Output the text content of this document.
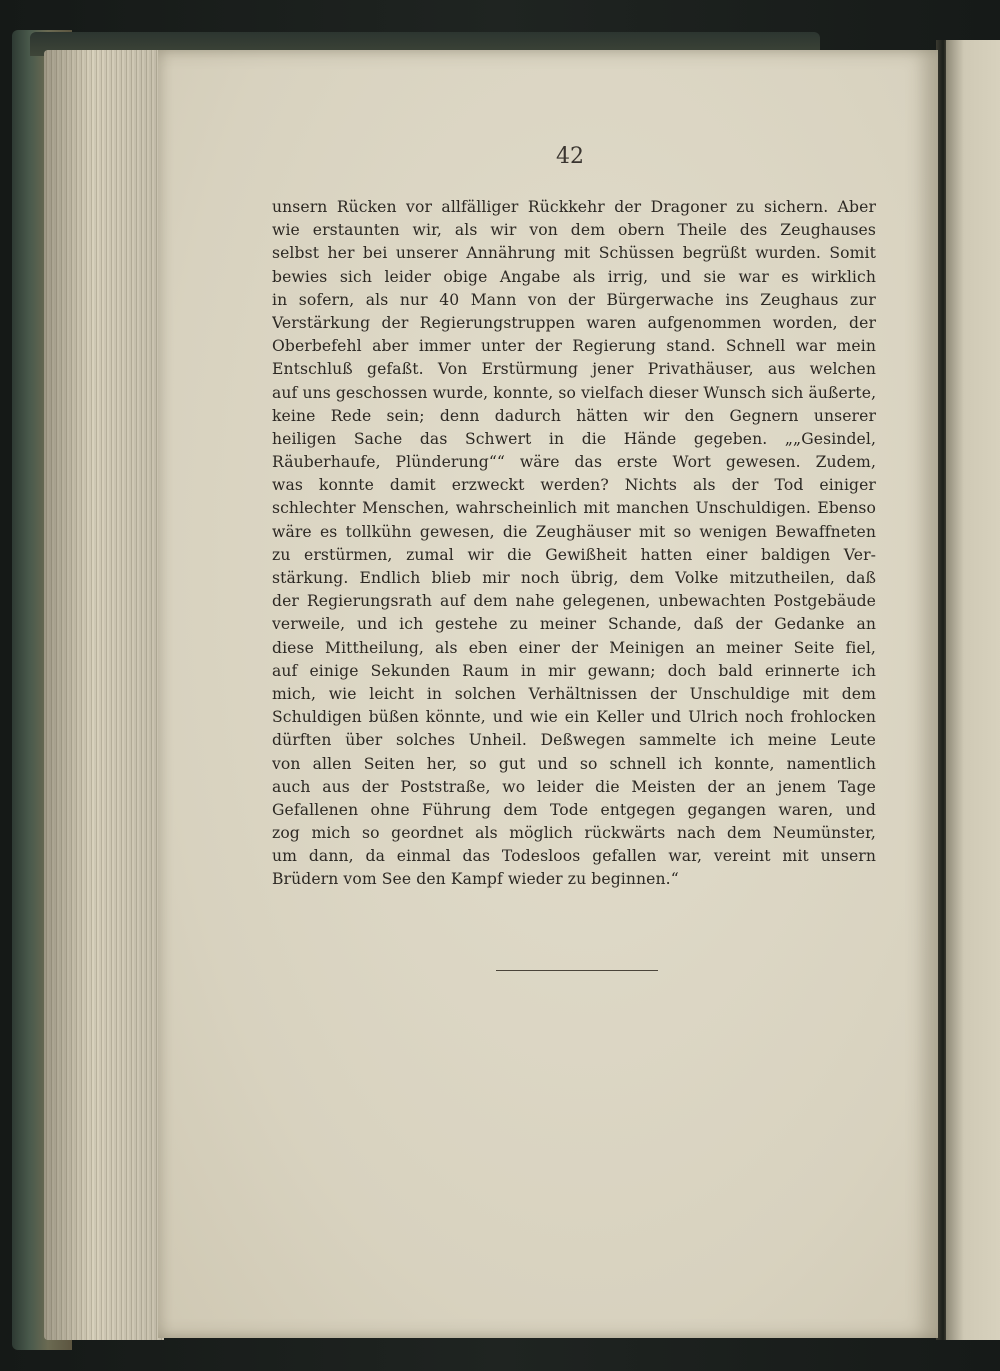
42
unsern Rücken vor allfälliger Rückkehr der Dragoner zu sichern. Aber
wie erstaunten wir, als wir von dem obern Theile des Zeughauses
selbst her bei unserer Annährung mit Schüssen begrüßt wurden. Somit
bewies sich leider obige Angabe als irrig, und sie war es wirklich
in sofern, als nur 40 Mann von der Bürgerwache ins Zeughaus zur
Verstärkung der Regierungstruppen waren aufgenommen worden, der
Oberbefehl aber immer unter der Regierung stand. Schnell war mein
Entschluß gefaßt. Von Erstürmung jener Privathäuser, aus welchen
auf uns geschossen wurde, konnte, so vielfach dieser Wunsch sich äußerte,
keine Rede sein; denn dadurch hätten wir den Gegnern unserer
heiligen Sache das Schwert in die Hände gegeben. „„Gesindel,
Räuberhaufe, Plünderung““ wäre das erste Wort gewesen. Zudem,
was konnte damit erzweckt werden? Nichts als der Tod einiger
schlechter Menschen, wahrscheinlich mit manchen Unschuldigen. Ebenso
wäre es tollkühn gewesen, die Zeughäuser mit so wenigen Bewaffneten
zu erstürmen, zumal wir die Gewißheit hatten einer baldigen Ver-
stärkung. Endlich blieb mir noch übrig, dem Volke mitzutheilen, daß
der Regierungsrath auf dem nahe gelegenen, unbewachten Postgebäude
verweile, und ich gestehe zu meiner Schande, daß der Gedanke an
diese Mittheilung, als eben einer der Meinigen an meiner Seite fiel,
auf einige Sekunden Raum in mir gewann; doch bald erinnerte ich
mich, wie leicht in solchen Verhältnissen der Unschuldige mit dem
Schuldigen büßen könnte, und wie ein Keller und Ulrich noch frohlocken
dürften über solches Unheil. Deßwegen sammelte ich meine Leute
von allen Seiten her, so gut und so schnell ich konnte, namentlich
auch aus der Poststraße, wo leider die Meisten der an jenem Tage
Gefallenen ohne Führung dem Tode entgegen gegangen waren, und
zog mich so geordnet als möglich rückwärts nach dem Neumünster,
um dann, da einmal das Todesloos gefallen war, vereint mit unsern
Brüdern vom See den Kampf wieder zu beginnen.“
